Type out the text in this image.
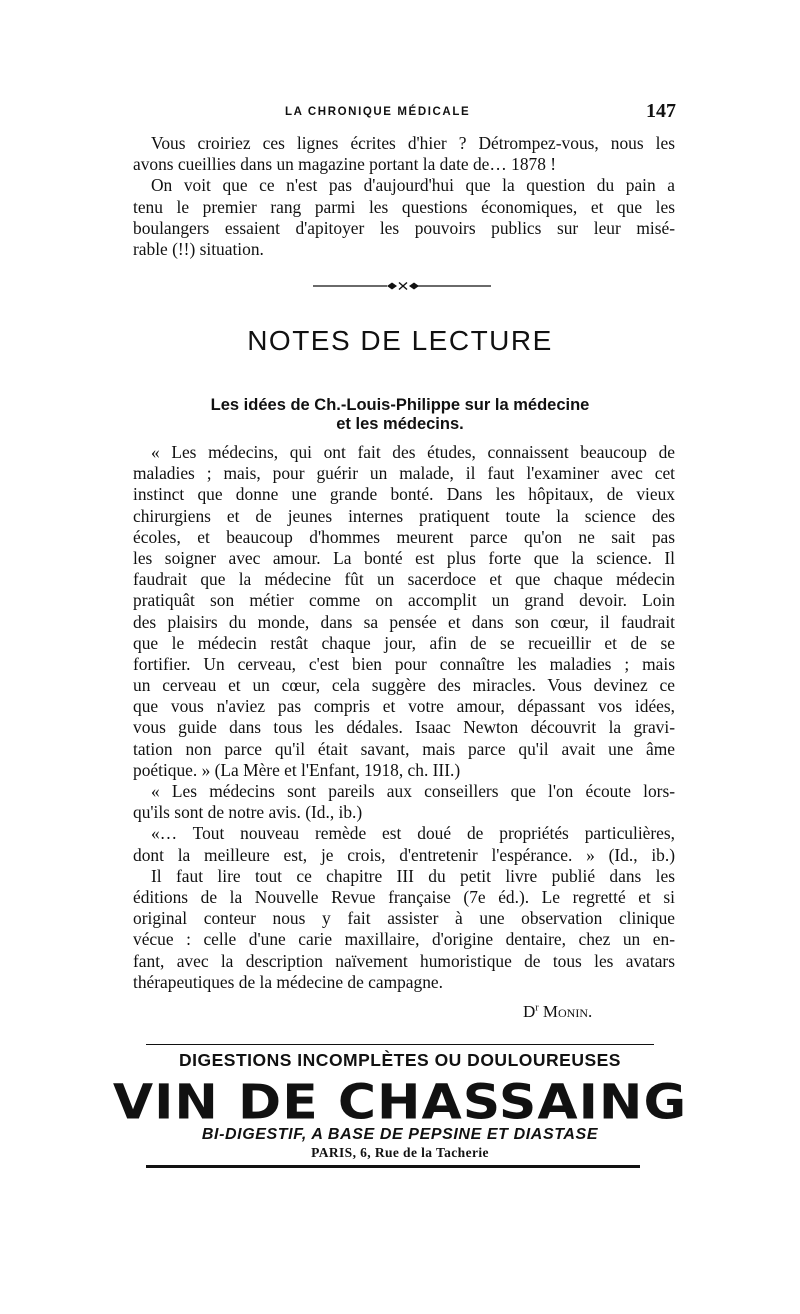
LA CHRONIQUE MÉDICALE	147
Vous croiriez ces lignes écrites d'hier ? Détrompez-vous, nous les
avons cueillies dans un magazine portant la date de… 1878 !
On voit que ce n'est pas d'aujourd'hui que la question du pain a
tenu le premier rang parmi les questions économiques, et que les
boulangers essaient d'apitoyer les pouvoirs publics sur leur misé-
rable (!!) situation.
NOTES DE LECTURE
Les idées de Ch.-Louis-Philippe sur la médecine
et les médecins.
« Les médecins, qui ont fait des études, connaissent beaucoup de
maladies ; mais, pour guérir un malade, il faut l'examiner avec cet
instinct que donne une grande bonté. Dans les hôpitaux, de vieux
chirurgiens et de jeunes internes pratiquent toute la science des
écoles, et beaucoup d'hommes meurent parce qu'on ne sait pas
les soigner avec amour. La bonté est plus forte que la science. Il
faudrait que la médecine fût un sacerdoce et que chaque médecin
pratiquât son métier comme on accomplit un grand devoir. Loin
des plaisirs du monde, dans sa pensée et dans son cœur, il faudrait
que le médecin restât chaque jour, afin de se recueillir et de se
fortifier. Un cerveau, c'est bien pour connaître les maladies ; mais
un cerveau et un cœur, cela suggère des miracles. Vous devinez ce
que vous n'aviez pas compris et votre amour, dépassant vos idées,
vous guide dans tous les dédales. Isaac Newton découvrit la gravi-
tation non parce qu'il était savant, mais parce qu'il avait une âme
poétique. » (La Mère et l'Enfant, 1918, ch. III.)
« Les médecins sont pareils aux conseillers que l'on écoute lors-
qu'ils sont de notre avis. (Id., ib.)
«… Tout nouveau remède est doué de propriétés particulières,
dont la meilleure est, je crois, d'entretenir l'espérance. » (Id., ib.)
Il faut lire tout ce chapitre III du petit livre publié dans les
éditions de la Nouvelle Revue française (7e éd.). Le regretté et si
original conteur nous y fait assister à une observation clinique
vécue : celle d'une carie maxillaire, d'origine dentaire, chez un en-
fant, avec la description naïvement humoristique de tous les avatars
thérapeutiques de la médecine de campagne.
$D^r$ Monin.
DIGESTIONS INCOMPLÈTES OU DOULOUREUSES
VIN DE CHASSAING
BI-DIGESTIF, A BASE DE PEPSINE ET DIASTASE
PARIS, 6, Rue de la Tacherie
